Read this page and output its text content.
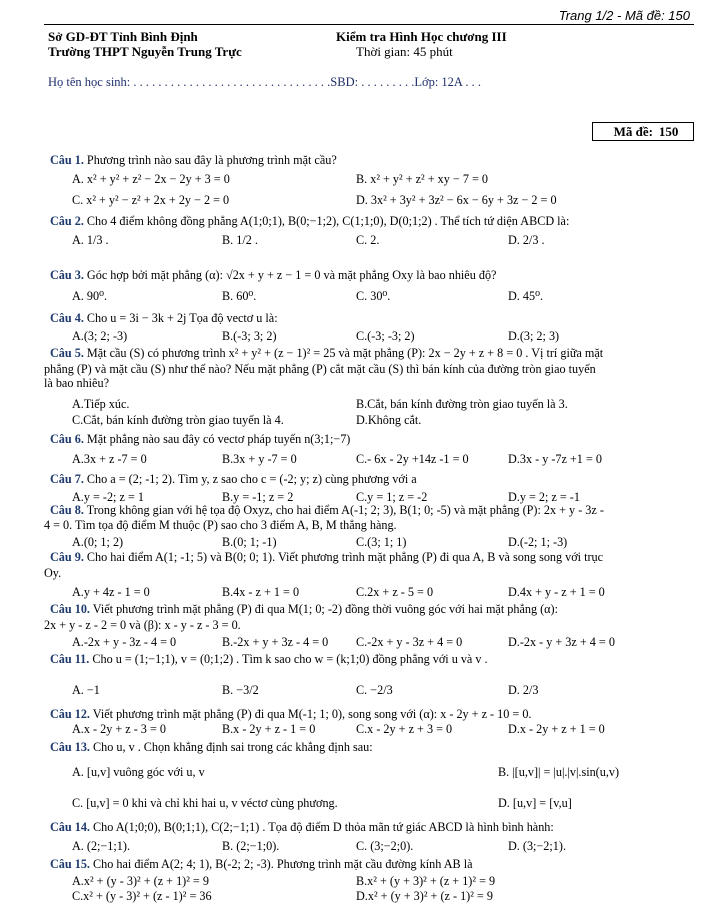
Trang 1/2 - Mã đề: 150
Sở GD-ĐT Tỉnh Bình Định
Trường THPT Nguyễn Trung Trực
Kiểm tra Hình Học chương III
Thời gian: 45 phút
Họ tên học sinh: . . . . . . . . . . . . . . . . . . . . . . . . . . . . . . . .SBD: . . . . . . . . .Lớp: 12A . . .
Mã đề: 150
Câu 1. Phương trình nào sau đây là phương trình mặt cầu?
A. x² + y² + z² − 2x − 2y + 3 = 0	B. x² + y² + z² + xy − 7 = 0
C. x² + y² − z² + 2x + 2y − 2 = 0	D. 3x² + 3y² + 3z² − 6x − 6y + 3z − 2 = 0
Câu 2. Cho 4 điểm không đồng phẳng A(1;0;1), B(0;−1;2), C(1;1;0), D(0;1;2) . Thể tích tứ diện ABCD là:
A. 1/3 .	B. 1/2 .	C. 2.	D. 2/3 .
Câu 3. Góc hợp bởi mặt phẳng (α): √2x + y + z − 1 = 0 và mặt phẳng Oxy là bao nhiêu độ?
A. 90⁰.	B. 60⁰.	C. 30⁰.	D. 45⁰.
Câu 4. Cho u = 3i − 3k + 2j Tọa độ vectơ u là:
A.(3; 2; -3)	B.(-3; 3; 2)	C.(-3; -3; 2)	D.(3; 2; 3)
Câu 5. Mặt cầu (S) có phương trình x² + y² + (z − 1)² = 25 và mặt phẳng (P): 2x − 2y + z + 8 = 0 . Vị trí giữa mặt
phẳng (P) và mặt cầu (S) như thế nào? Nếu mặt phẳng (P) cắt mặt cầu (S) thì bán kính của đường tròn giao tuyến
là bao nhiêu?
A.Tiếp xúc.	B.Cắt, bán kính đường tròn giao tuyến là 3.
C.Cắt, bán kính đường tròn giao tuyến là 4.	D.Không cắt.
Câu 6. Mặt phẳng nào sau đây có vectơ pháp tuyến n(3;1;−7)
A.3x + z -7 = 0	B.3x + y -7 = 0	C.- 6x - 2y +14z -1 = 0	D.3x - y -7z +1 = 0
Câu 7. Cho a = (2; -1; 2). Tìm y, z sao cho c = (-2; y; z) cùng phương với a
A.y = -2; z = 1	B.y = -1; z = 2	C.y = 1; z = -2	D.y = 2; z = -1
Câu 8. Trong không gian với hệ tọa độ Oxyz, cho hai điểm A(-1; 2; 3), B(1; 0; -5) và mặt phẳng (P): 2x + y - 3z -
4 = 0. Tìm tọa độ điểm M thuộc (P) sao cho 3 điểm A, B, M thẳng hàng.
A.(0; 1; 2)	B.(0; 1; -1)	C.(3; 1; 1)	D.(-2; 1; -3)
Câu 9. Cho hai điểm A(1; -1; 5) và B(0; 0; 1). Viết phương trình mặt phẳng (P) đi qua A, B và song song với trục
Oy.
A.y + 4z - 1 = 0	B.4x - z + 1 = 0	C.2x + z - 5 = 0	D.4x + y - z + 1 = 0
Câu 10. Viết phương trình mặt phẳng (P) đi qua M(1; 0; -2) đồng thời vuông góc với hai mặt phẳng (α):
2x + y - z - 2 = 0 và (β): x - y - z - 3 = 0.
A.-2x + y - 3z - 4 = 0	B.-2x + y + 3z - 4 = 0 C.-2x + y - 3z + 4 = 0	D.-2x - y + 3z + 4 = 0
Câu 11. Cho u = (1;−1;1), v = (0;1;2) . Tìm k sao cho w = (k;1;0) đồng phẳng với u và v .
A. −1	B. −3/2	C. −2/3	D. 2/3
Câu 12. Viết phương trình mặt phẳng (P) đi qua M(-1; 1; 0), song song với (α): x - 2y + z - 10 = 0.
A.x - 2y + z - 3 = 0	B.x - 2y + z - 1 = 0	C.x - 2y + z + 3 = 0	D.x - 2y + z + 1 = 0
Câu 13. Cho u, v . Chọn khẳng định sai trong các khẳng định sau:
A. [u,v] vuông góc với u, v	B. |[u,v]| = |u|.|v|.sin(u,v)
C. [u,v] = 0 khi và chỉ khi hai u, v véctơ cùng phương.	D. [u,v] = [v,u]
Câu 14. Cho A(1;0;0), B(0;1;1), C(2;−1;1) . Tọa độ điểm D thỏa mãn tứ giác ABCD là hình bình hành:
A. (2;−1;1).	B. (2;−1;0).	C. (3;−2;0).	D. (3;−2;1).
Câu 15. Cho hai điểm A(2; 4; 1), B(-2; 2; -3). Phương trình mặt cầu đường kính AB là
A.x² + (y - 3)² + (z + 1)² = 9	B.x² + (y + 3)² + (z + 1)² = 9
C.x² + (y - 3)² + (z - 1)² = 36	D.x² + (y + 3)² + (z - 1)² = 9
